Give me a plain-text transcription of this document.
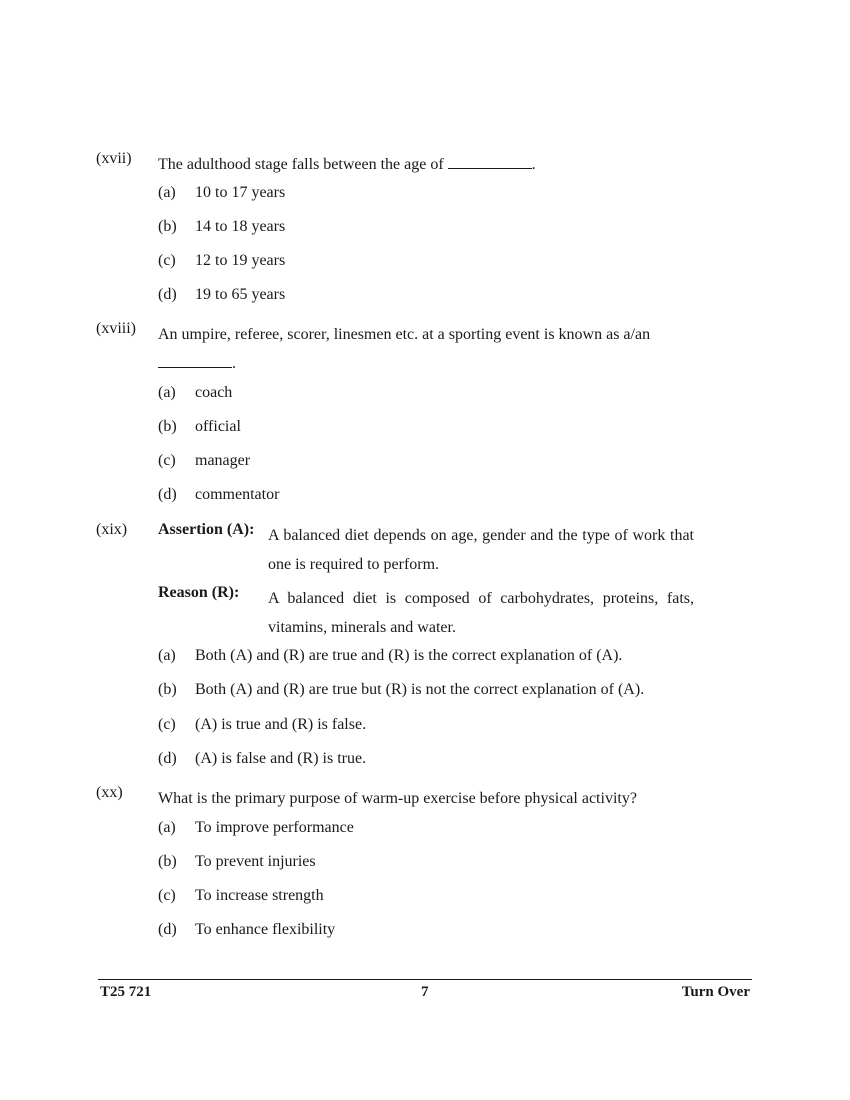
(xvii) The adulthood stage falls between the age of	.
(a) 10 to 17 years
(b) 14 to 18 years
(c) 12 to 19 years
(d) 19 to 65 years
(xviii) An umpire, referee, scorer, linesmen etc. at a sporting event is known as a/an
.
(a) coach
(b) official
(c) manager
(d) commentator
(xix) Assertion (A): A balanced diet depends on age, gender and the type of work that one is required to perform.
Reason (R): A balanced diet is composed of carbohydrates, proteins, fats, vitamins, minerals and water.
(a) Both (A) and (R) are true and (R) is the correct explanation of (A).
(b) Both (A) and (R) are true but (R) is not the correct explanation of (A).
(c) (A) is true and (R) is false.
(d) (A) is false and (R) is true.
(xx) What is the primary purpose of warm-up exercise before physical activity?
(a) To improve performance
(b) To prevent injuries
(c) To increase strength
(d) To enhance flexibility
T25 721	7	Turn Over
